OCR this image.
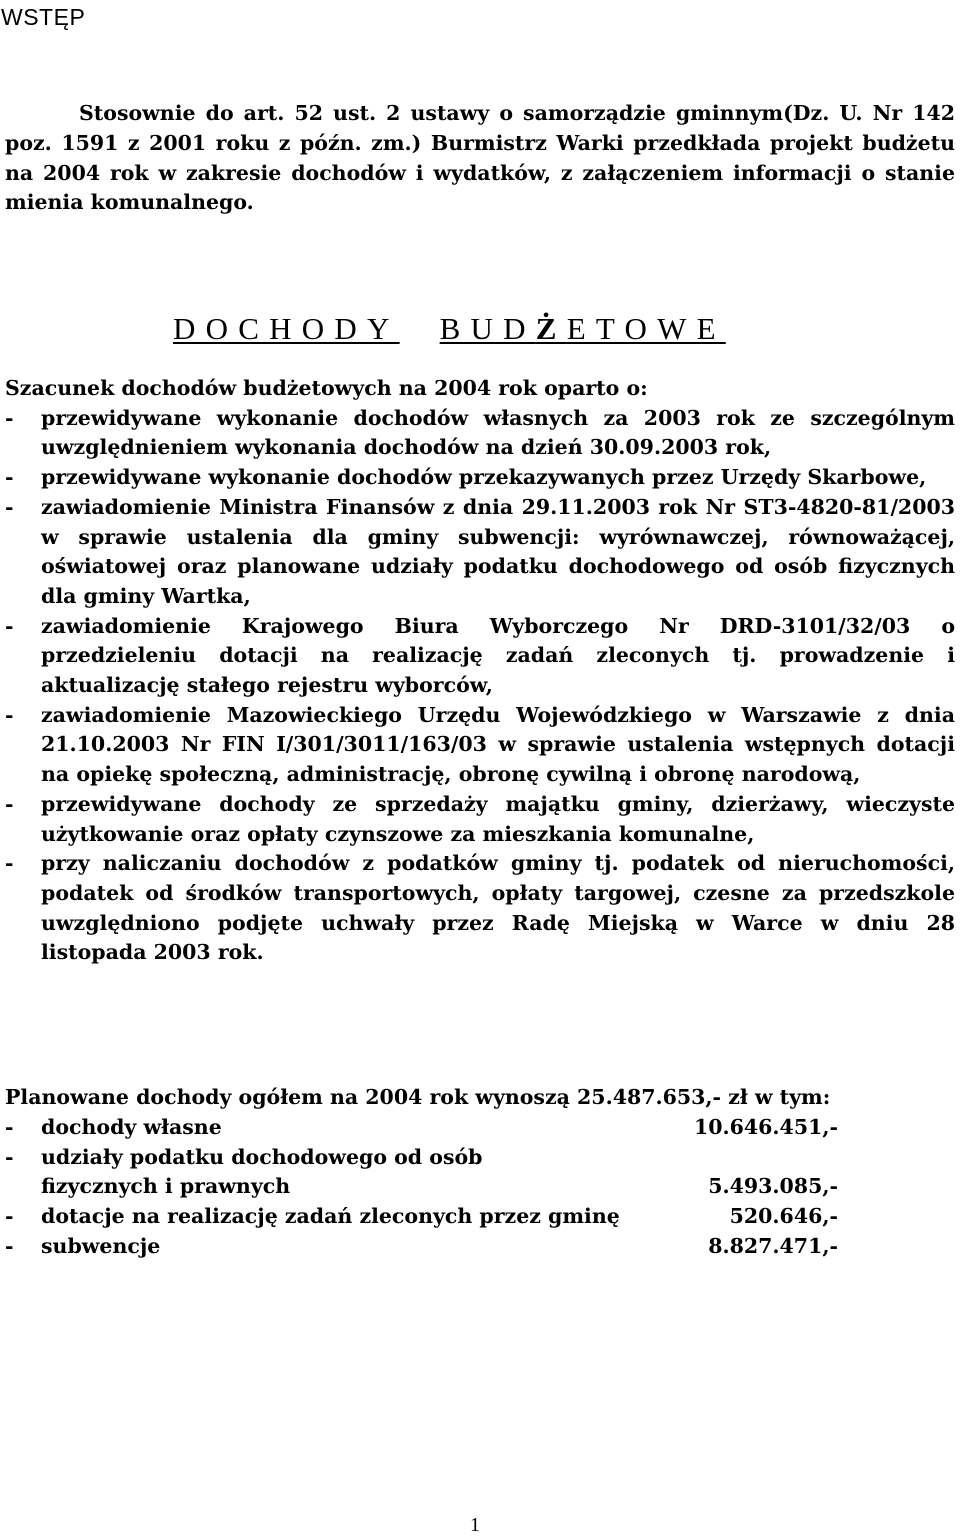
WSTĘP

Stosownie do art. 52 ust. 2 ustawy o samorządzie gminnym(Dz. U. Nr 142 poz. 1591 z 2001 roku z późn. zm.) Burmistrz Warki przedkłada projekt budżetu na 2004 rok w zakresie dochodów i wydatków, z załączeniem informacji o stanie mienia komunalnego.

DOCHODY BUDŻETOWE

Szacunek dochodów budżetowych na 2004 rok oparto o:

- przewidywane wykonanie dochodów własnych za 2003 rok ze szczególnym uwzględnieniem wykonania dochodów na dzień 30.09.2003 rok,
- przewidywane wykonanie dochodów przekazywanych przez Urzędy Skarbowe,
- zawiadomienie Ministra Finansów z dnia 29.11.2003 rok Nr ST3-4820-81/2003 w sprawie ustalenia dla gminy subwencji: wyrównawczej, równoważącej, oświatowej oraz planowane udziały podatku dochodowego od osób fizycznych dla gminy Wartka,
- zawiadomienie Krajowego Biura Wyborczego Nr DRD-3101/32/03 o przedzieleniu dotacji na realizację zadań zleconych tj. prowadzenie i aktualizację stałego rejestru wyborców,
- zawiadomienie Mazowieckiego Urzędu Wojewódzkiego w Warszawie z dnia 21.10.2003 Nr FIN I/301/3011/163/03 w sprawie ustalenia wstępnych dotacji na opiekę społeczną, administrację, obronę cywilną i obronę narodową,
- przewidywane dochody ze sprzedaży majątku gminy, dzierżawy, wieczyste użytkowanie oraz opłaty czynszowe za mieszkania komunalne,
- przy naliczaniu dochodów z podatków gminy tj. podatek od nieruchomości, podatek od środków transportowych, opłaty targowej, czesne za przedszkole uwzględniono podjęte uchwały przez Radę Miejską w Warce w dniu 28 listopada 2003 rok.

Planowane dochody ogółem na 2004 rok wynoszą 25.487.653,- zł w tym:

- dochody własne	10.646.451,-
- udziały podatku dochodowego od osób
fizycznych i prawnych	5.493.085,-
- dotacje na realizację zadań zleconych przez gminę	520.646,-
- subwencje	8.827.471,-

1
